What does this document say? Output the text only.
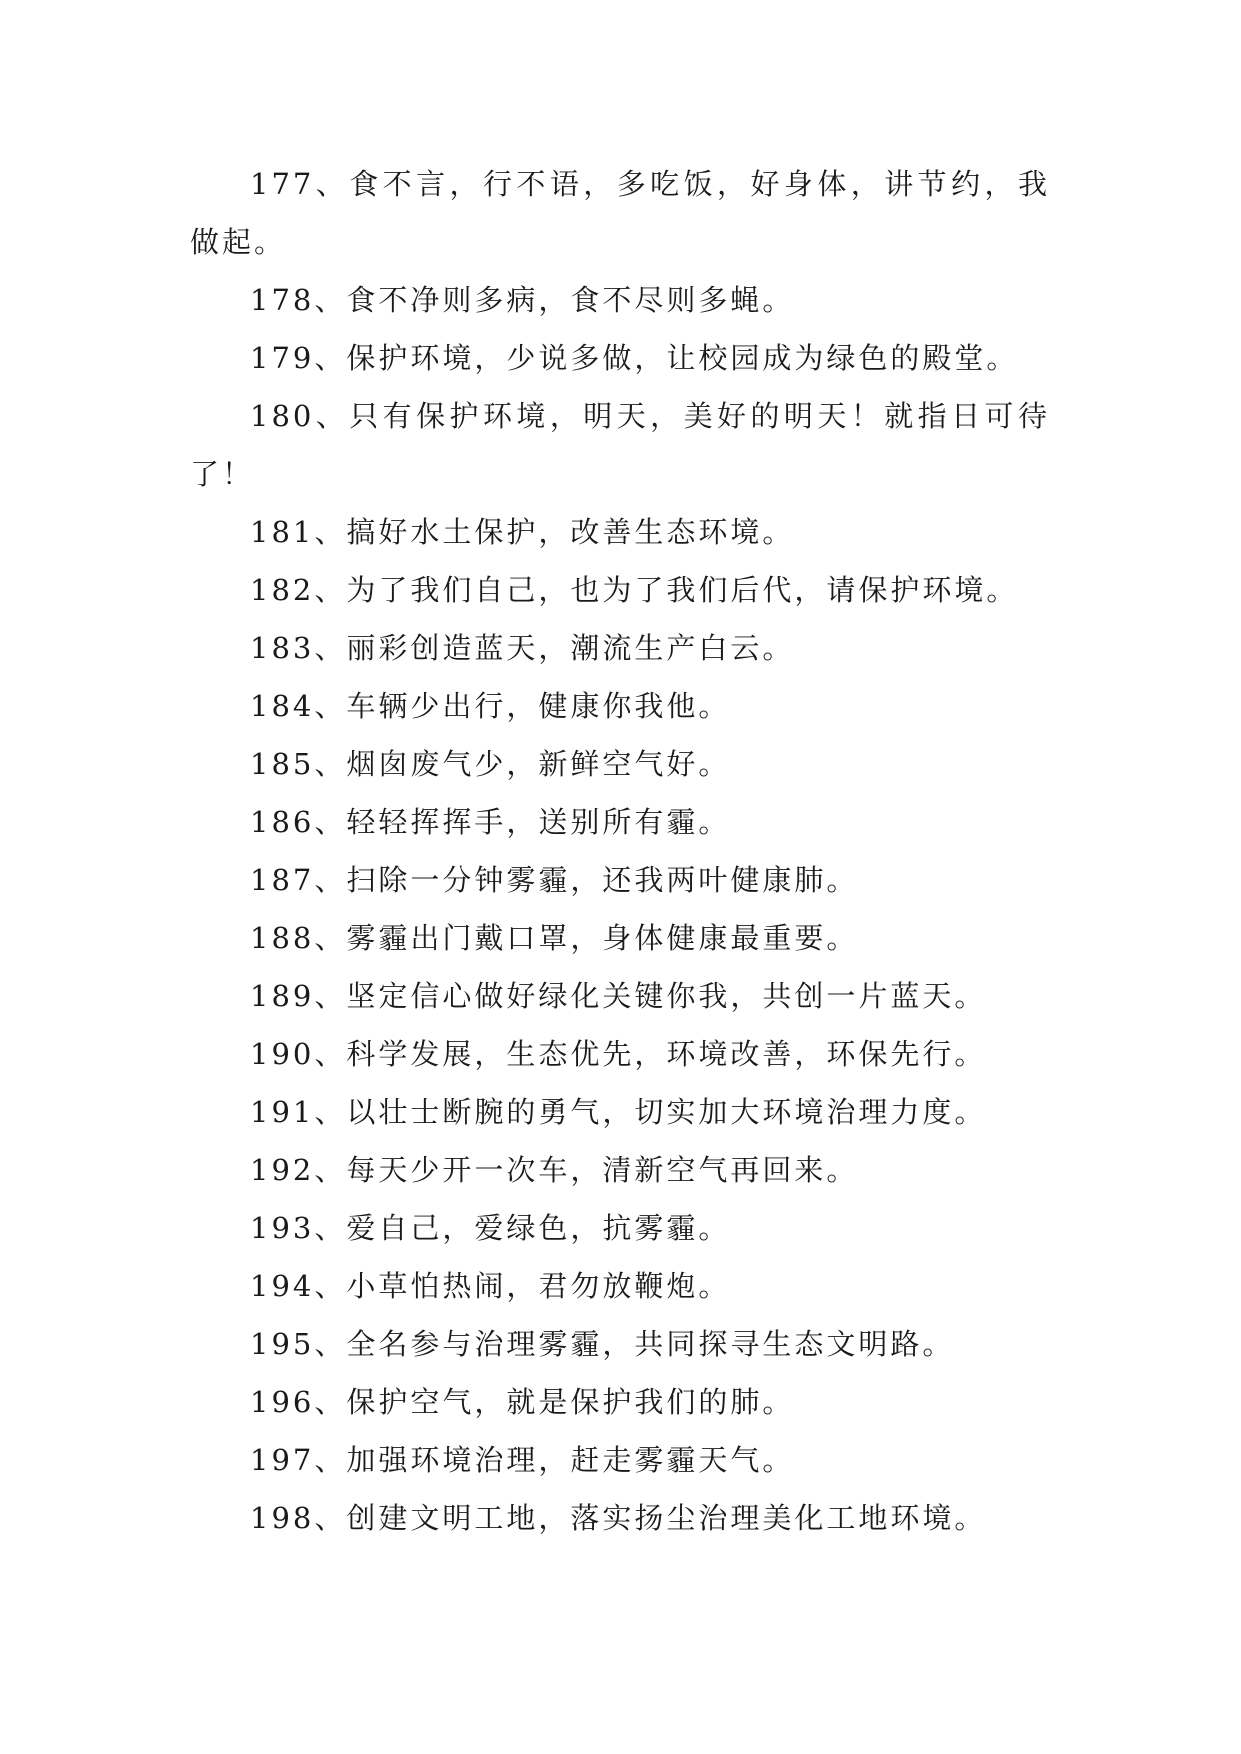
177、食不言，行不语，多吃饭，好身体，讲节约，我做起。

178、食不净则多病，食不尽则多蝇。

179、保护环境，少说多做，让校园成为绿色的殿堂。

180、只有保护环境，明天，美好的明天！就指日可待了！

181、搞好水土保护，改善生态环境。

182、为了我们自己，也为了我们后代，请保护环境。

183、丽彩创造蓝天，潮流生产白云。

184、车辆少出行，健康你我他。

185、烟囱废气少，新鲜空气好。

186、轻轻挥挥手，送别所有霾。

187、扫除一分钟雾霾，还我两叶健康肺。

188、雾霾出门戴口罩，身体健康最重要。

189、坚定信心做好绿化关键你我，共创一片蓝天。

190、科学发展，生态优先，环境改善，环保先行。

191、以壮士断腕的勇气，切实加大环境治理力度。

192、每天少开一次车，清新空气再回来。

193、爱自己，爱绿色，抗雾霾。

194、小草怕热闹，君勿放鞭炮。

195、全名参与治理雾霾，共同探寻生态文明路。

196、保护空气，就是保护我们的肺。

197、加强环境治理，赶走雾霾天气。

198、创建文明工地，落实扬尘治理美化工地环境。
